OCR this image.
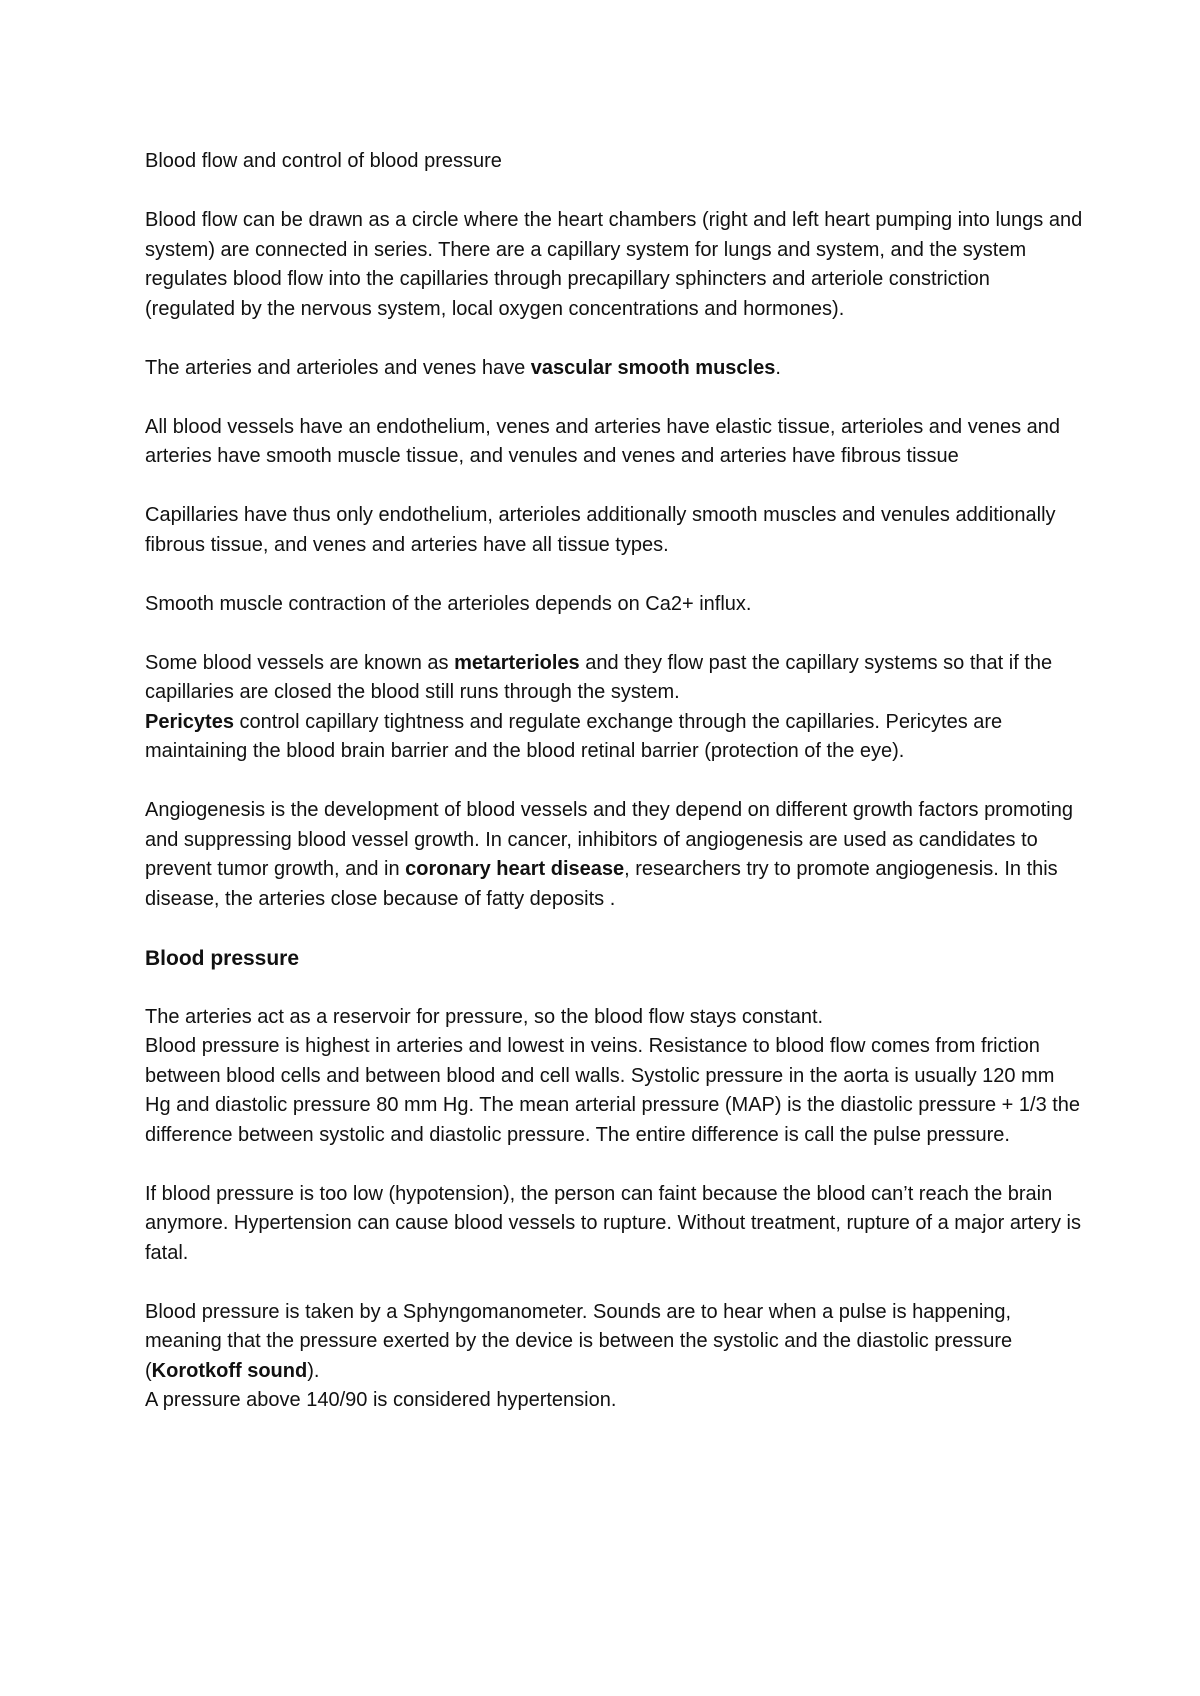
Blood flow and control of blood pressure

Blood flow can be drawn as a circle where the heart chambers (right and left heart pumping into lungs and system) are connected in series. There are a capillary system for lungs and system, and the system regulates blood flow into the capillaries through precapillary sphincters and arteriole constriction (regulated by the nervous system, local oxygen concentrations and hormones).

The arteries and arterioles and venes have vascular smooth muscles.

All blood vessels have an endothelium, venes and arteries have elastic tissue, arterioles and venes and arteries have smooth muscle tissue, and venules and venes and arteries have fibrous tissue

Capillaries have thus only endothelium, arterioles additionally smooth muscles and venules additionally fibrous tissue, and venes and arteries have all tissue types.

Smooth muscle contraction of the arterioles depends on Ca2+ influx.

Some blood vessels are known as metarterioles and they flow past the capillary systems so that if the capillaries are closed the blood still runs through the system.

Pericytes control capillary tightness and regulate exchange through the capillaries. Pericytes are maintaining the blood brain barrier and the blood retinal barrier (protection of the eye).

Angiogenesis is the development of blood vessels and they depend on different growth factors promoting and suppressing blood vessel growth. In cancer, inhibitors of angiogenesis are used as candidates to prevent tumor growth, and in coronary heart disease, researchers try to promote angiogenesis. In this disease, the arteries close because of fatty deposits .

Blood pressure

The arteries act as a reservoir for pressure, so the blood flow stays constant.

Blood pressure is highest in arteries and lowest in veins. Resistance to blood flow comes from friction between blood cells and between blood and cell walls. Systolic pressure in the aorta is usually 120 mm Hg and diastolic pressure 80 mm Hg. The mean arterial pressure (MAP) is the diastolic pressure + 1/3 the difference between systolic and diastolic pressure. The entire difference is call the pulse pressure.

If blood pressure is too low (hypotension), the person can faint because the blood can’t reach the brain anymore. Hypertension can cause blood vessels to rupture. Without treatment, rupture of a major artery is fatal.

Blood pressure is taken by a Sphyngomanometer. Sounds are to hear when a pulse is happening, meaning that the pressure exerted by the device is between the systolic and the diastolic pressure (Korotkoff sound).

A pressure above 140/90 is considered hypertension.
